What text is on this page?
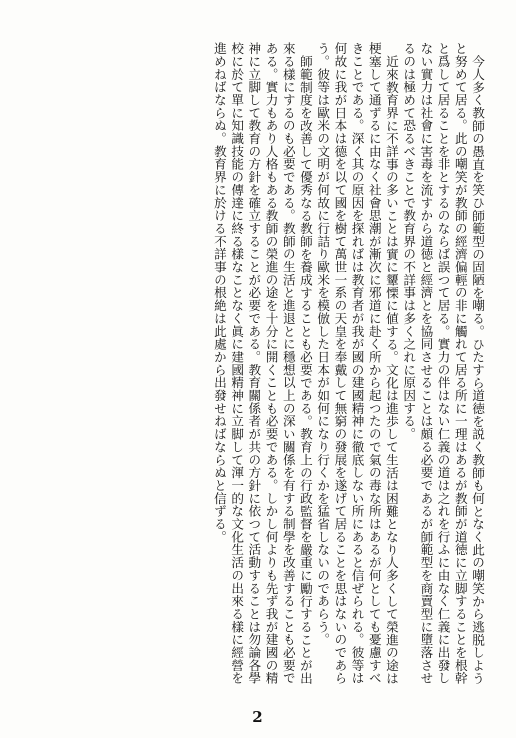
今人多く教師の愚直を笑ひ師範型の固陋を嘲る。ひたすら道徳を説く教師も何となく此の嘲笑から逃脱しようと努めて居る。此の嘲笑が教師の經濟偏輕の非に觸れて居る所に一理はあるが教師が道徳に立脚することを根幹と爲して居ることを非とするのならば誤つて居る。實力の伴はない仁義の道は之れを行ふに由なく仁義に出發しない實力は社會に害毒を流すから道徳と經濟とを協同させることは頗る必要であるが師範型を商賣型に墮落させるのは極めて恐るべきことで教育界の不詳事は多く之れに原因する。

近來教育界に不詳事の多いことは實に顰慄に値する。文化は進歩して生活は困難となり人多くして榮進の途は梗塞して通ずるに由なく社會思潮が漸次に邪道に赴く所から起つたので氣の毒な所はあるが何としても憂慮すべきことである。深く其の原因を探ればは教育者が我が國の建國精神に徹底しない所にあると信ぜられる。彼等は何故に我が日本は德を以て國を樹て萬世一系の天皇を奉戴して無窮の發展を遂げて居ることを思はないのであらう。彼等は歐米の文明が何故に行詰り歐米を模倣した日本が如何になり行くかを猛省しないのであらう。

師範制度を改善して優秀なる教師を養成することも必要である。教育上の行政監督を嚴重に勵行することが出來る樣にするのも必要である。教師の生活と進退とに穩想以上の深い關係を有する制學を改善することも必要である。實力もあり人格もある教師の榮進の途を十分に開くことも必要である。しかし何よりも先ず我が建國の精神に立脚して教育の方針を確立することが必要である。教育關係者が共の方針に依つて活動することは勿論各學校に於て單に知識技能の傳達に終る樣なことなく眞に建國精神に立脚して渾一的な文化生活の出來る樣に經營を進めねばならぬ。教育界に於ける不詳事の根絶は此處から出發せねばならぬと信ずる。

2
